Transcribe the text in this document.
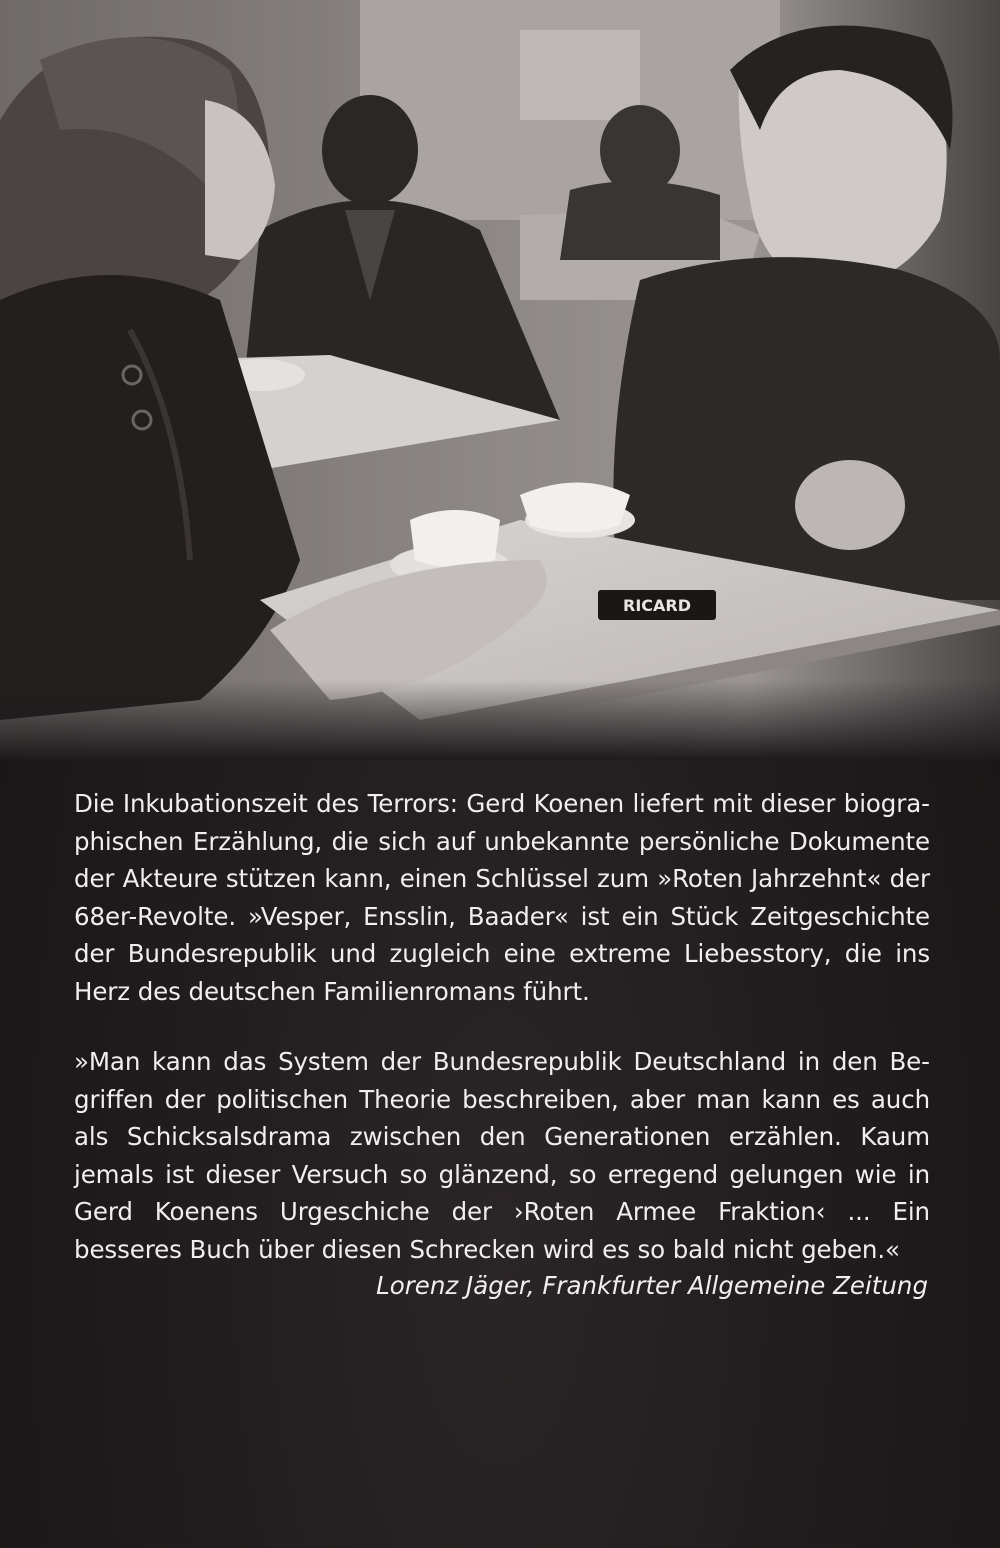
RICARD

Die Inkubationszeit des Terrors: Gerd Koenen liefert mit dieser biographischen Erzählung, die sich auf unbekannte persönliche Dokumente der Akteure stützen kann, einen Schlüssel zum »Roten Jahrzehnt« der 68er-Revolte. »Vesper, Ensslin, Baader« ist ein Stück Zeitgeschichte der Bundesrepublik und zugleich eine extreme Liebesstory, die ins Herz des deutschen Familienromans führt.

»Man kann das System der Bundesrepublik Deutschland in den Begriffen der politischen Theorie beschreiben, aber man kann es auch als Schicksalsdrama zwischen den Generationen erzählen. Kaum jemals ist dieser Versuch so glänzend, so erregend gelungen wie in Gerd Koenens Urgeschiche der ›Roten Armee Fraktion‹ ... Ein besseres Buch über diesen Schrecken wird es so bald nicht geben.«

Lorenz Jäger, Frankfurter Allgemeine Zeitung
